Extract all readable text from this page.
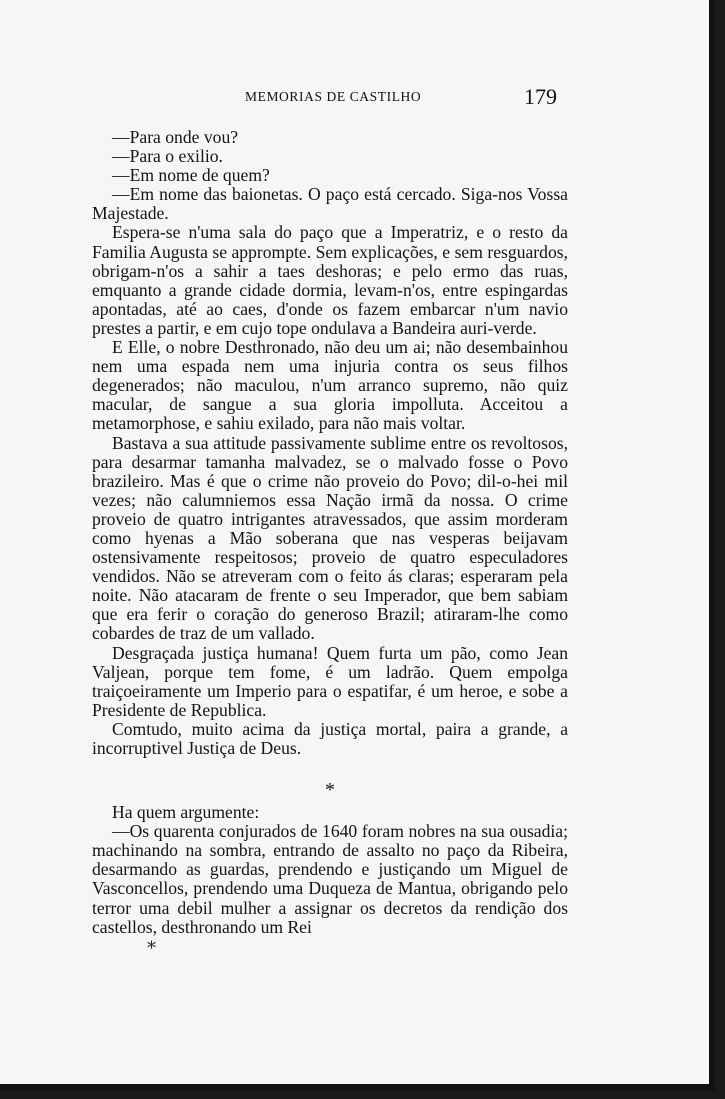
MEMORIAS DE CASTILHO	179

—Para onde vou?

—Para o exilio.

—Em nome de quem?

—Em nome das baionetas. O paço está cercado. Siga-nos Vossa Majestade.

Espera-se n'uma sala do paço que a Imperatriz, e o resto da Familia Augusta se apprompte. Sem explicações, e sem resguardos, obrigam-n'os a sahir a taes deshoras; e pelo ermo das ruas, emquanto a grande cidade dormia, levam-n'os, entre espingardas apontadas, até ao caes, d'onde os fazem embarcar n'um navio prestes a partir, e em cujo tope ondulava a Bandeira auri-verde.

E Elle, o nobre Desthronado, não deu um ai; não desembainhou nem uma espada nem uma injuria contra os seus filhos degenerados; não maculou, n'um arranco supremo, não quiz macular, de sangue a sua gloria impolluta. Acceitou a metamorphose, e sahiu exilado, para não mais voltar.

Bastava a sua attitude passivamente sublime entre os revoltosos, para desarmar tamanha malvadez, se o malvado fosse o Povo brazileiro. Mas é que o crime não proveio do Povo; dil-o-hei mil vezes; não calumniemos essa Nação irmã da nossa. O crime proveio de quatro intrigantes atravessados, que assim morderam como hyenas a Mão soberana que nas vesperas beijavam ostensivamente respeitosos; proveio de quatro especuladores vendidos. Não se atreveram com o feito ás claras; esperaram pela noite. Não atacaram de frente o seu Imperador, que bem sabiam que era ferir o coração do generoso Brazil; atiraram-lhe como cobardes de traz de um vallado.

Desgraçada justiça humana! Quem furta um pão, como Jean Valjean, porque tem fome, é um ladrão. Quem empolga traiçoeiramente um Imperio para o espatifar, é um heroe, e sobe a Presidente de Republica.

Comtudo, muito acima da justiça mortal, paira a grande, a incorruptivel Justiça de Deus.

*

Ha quem argumente:

—Os quarenta conjurados de 1640 foram nobres na sua ousadia; machinando na sombra, entrando de assalto no paço da Ribeira, desarmando as guardas, prendendo e justiçando um Miguel de Vasconcellos, prendendo uma Duqueza de Mantua, obrigando pelo terror uma debil mulher a assignar os decretos da rendição dos castellos, desthronando um Rei

*
